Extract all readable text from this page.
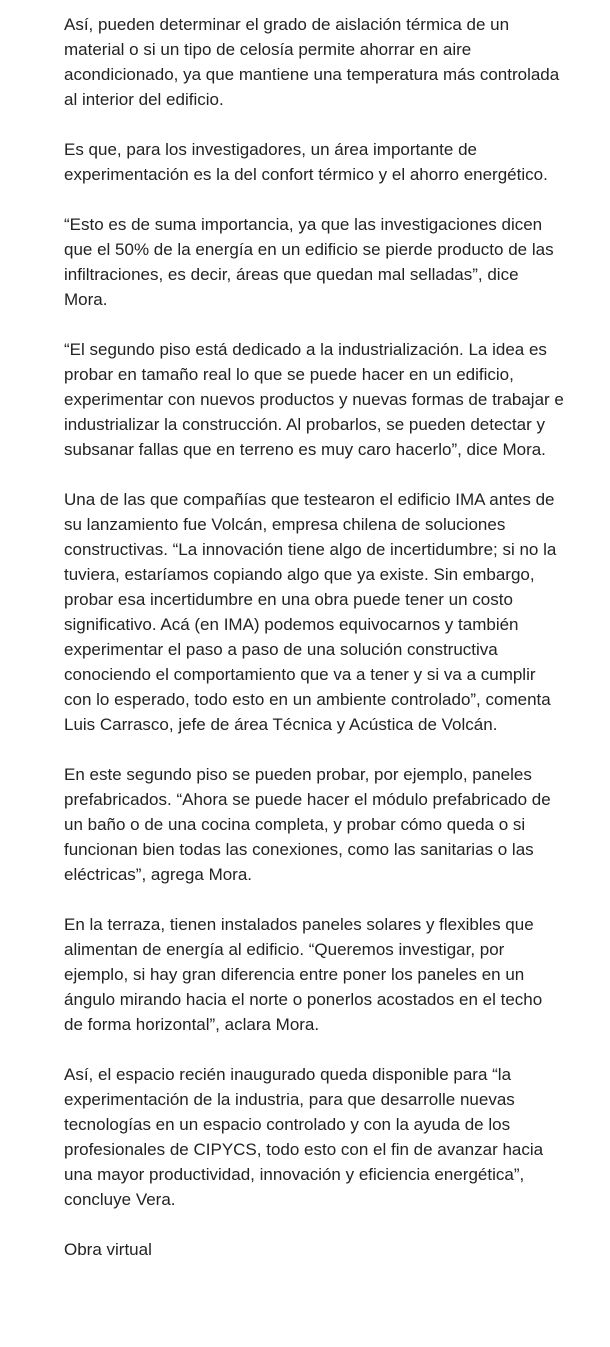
Así, pueden determinar el grado de aislación térmica de un material o si un tipo de celosía permite ahorrar en aire acondicionado, ya que mantiene una temperatura más controlada al interior del edificio.

Es que, para los investigadores, un área importante de experimentación es la del confort térmico y el ahorro energético.

“Esto es de suma importancia, ya que las investigaciones dicen que el 50% de la energía en un edificio se pierde producto de las infiltraciones, es decir, áreas que quedan mal selladas”, dice Mora.

“El segundo piso está dedicado a la industrialización. La idea es probar en tamaño real lo que se puede hacer en un edificio, experimentar con nuevos productos y nuevas formas de trabajar e industrializar la construcción. Al probarlos, se pueden detectar y subsanar fallas que en terreno es muy caro hacerlo”, dice Mora.

Una de las que compañías que testearon el edificio IMA antes de su lanzamiento fue Volcán, empresa chilena de soluciones constructivas. “La innovación tiene algo de incertidumbre; si no la tuviera, estaríamos copiando algo que ya existe. Sin embargo, probar esa incertidumbre en una obra puede tener un costo significativo. Acá (en IMA) podemos equivocarnos y también experimentar el paso a paso de una solución constructiva conociendo el comportamiento que va a tener y si va a cumplir con lo esperado, todo esto en un ambiente controlado”, comenta Luis Carrasco, jefe de área Técnica y Acústica de Volcán.

En este segundo piso se pueden probar, por ejemplo, paneles prefabricados. “Ahora se puede hacer el módulo prefabricado de un baño o de una cocina completa, y probar cómo queda o si funcionan bien todas las conexiones, como las sanitarias o las eléctricas”, agrega Mora.

En la terraza, tienen instalados paneles solares y flexibles que alimentan de energía al edificio. “Queremos investigar, por ejemplo, si hay gran diferencia entre poner los paneles en un ángulo mirando hacia el norte o ponerlos acostados en el techo de forma horizontal”, aclara Mora.

Así, el espacio recién inaugurado queda disponible para “la experimentación de la industria, para que desarrolle nuevas tecnologías en un espacio controlado y con la ayuda de los profesionales de CIPYCS, todo esto con el fin de avanzar hacia una mayor productividad, innovación y eficiencia energética”, concluye Vera.

Obra virtual
